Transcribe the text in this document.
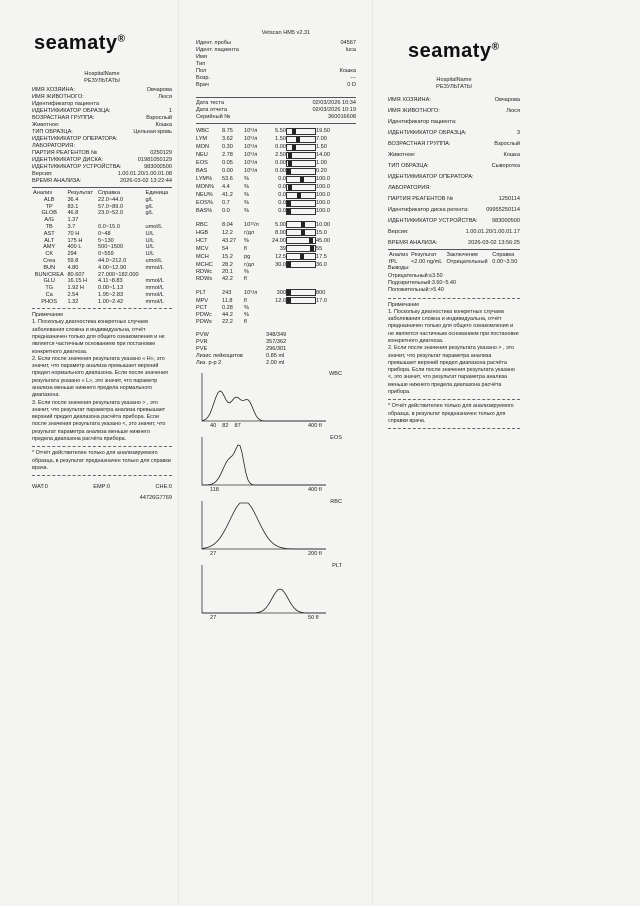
seamaty®
HospitalName
РЕЗУЛЬТАТЫ
ИМЯ ХОЗЯИНА:	Овчарова
ИМЯ ЖИВОТНОГО:	Люся
Идентификатор пациента
ИДЕНТИФИКАТОР ОБРАЗЦА:	1
ВОЗРАСТНАЯ ГРУППА:	Взрослый
Животное:	Кошка
ТИП ОБРАЗЦА:	Цельная кровь
ИДЕНТИФИКАТОР ОПЕРАТОРА:
ЛАБОРАТОРИЯ:
ПАРТИЯ РЕАГЕНТОВ №	0250129
ИДЕНТИФИКАТОР ДИСКА:	01981050129
ИДЕНТИФИКАТОР УСТРОЙСТВА:	983000500
Версия:	1.00.01.20/1.00.01.08
ВРЕМЯ АНАЛИЗА:	2026-03-02 13:22:44
Анализ	Результат	Справка	Единица
ALB	36.4	22.0~44.0	g/L
TP	83.1	57.0~89.0	g/L
GLOB	46.8	23.0~52.0	g/L
A/G	1.37		
TB	3.7	0.0~15.0	umol/L
AST	70 H	0~48	U/L
ALT	175 H	5~130	U/L
AMY	400 L	500~1500	U/L
CK	294	0~559	U/L
Crea	59.8	44.0~212.0	umol/L
BUN	4.80	4.00~12.90	mmol/L
BUN/CREA	80.607	27.000~182.000	
GLU	16.15 H	4.11~8.83	mmol/L
TG	1.92 H	0.00~1.13	mmol/L
Ca	2.54	1.95~2.83	mmol/L
PHOS	1.32	1.00~2.42	mmol/L
Примечание
1. Поскольку диагностика конкретных случаев заболевания сложна и индивидуальна, отчёт предназначен только для общего ознакомления и не является частичным основанием при постановке конкретного диагноза.
2. Если после значения результата указано « H», это значит, что параметр анализа превышает верхний предел нормального диапазона. Если после значения результата указано « L», это значит, что параметр анализа меньше нижнего предела нормального диапазона.
3. Если после значения результата указано > , это значит, что результат параметра анализа превышает верхний предел диапазона расчёта прибора. Если после значения результата указано <, это значит, что результат параметра анализа меньше нижнего предела диапазона расчёта прибора.
* Отчёт действителен только для анализируемого образца, в результат предназначен только для справки врача.
WAT:0	EMP:0	CHE:0
44726G7769
Vetscan HM5 v2.31
Идент. пробы	04567
Идент. пациента	luca
Имя
Тип
Пол	Кошка
Возр.	---
Врач	0 D
Дата теста	02/03/2026 10:34
Дата отчета	02/03/2026 10:19
Серийный №	360016608
WBC	8.75	10⁹/л	5.50	19.50
LYM	3.62	10⁹/л	1.50	7.00
MON	0.30	10⁹/л	0.00	1.50
NEU	2.78	10⁹/л	2.50	14.00
EOS	0.05	10⁹/л	0.00	1.00
BAS	0.00	10⁹/л	0.00	0.20
LYM%	53.6	%	0.0	100.0
MON%	4.4	%	0.0	100.0
NEU%	41.2	%	0.0	100.0
EOS%	0.7	%	0.0	100.0
BAS%	0.0	%	0.0	100.0
RBC	8.04	10¹²/л	5.00	10.00
HGB	12.2	г/дл	8.00	15.0
HCT	43.27	%	24.00	45.00
MCV	54	fl	39	55
MCH	15.2	pg	12.5	17.5
MCHC	28.2	г/дл	30.0	36.0
RDWc	20.1	%
RDWs	42.2	fl
PLT	243	10⁹/л	300	800
MPV	11.8	fl	12.0	17.0
PCT	0.28	%
PDWc	44.2	%
PDWs	22.2	fl
PVW	348/349
PVR	357/362
PVE	296/301
Лизис лейкоцитов	0.85 ml
Лиз. р-р 2	2.00 ml
WBC
40 82 87	400 fl
EOS
118	400 fl
RBC
27	200 fl
PLT
27	50 fl
seamaty®
HospitalName
РЕЗУЛЬТАТЫ
ИМЯ ХОЗЯИНА:	Овчарова
ИМЯ ЖИВОТНОГО:	Люся
Идентификатор пациента:
ИДЕНТИФИКАТОР ОБРАЗЦА:	3
ВОЗРАСТНАЯ ГРУППА:	Взрослый
Животное:	Кошка
ТИП ОБРАЗЦА:	Сыворотка
ИДЕНТИФИКАТОР ОПЕРАТОРА:
ЛАБОРАТОРИЯ:
ПАРТИЯ РЕАГЕНТОВ №	1250114
Идентификатор диска регента:	09955250114
ИДЕНТИФИКАТОР УСТРОЙСТВА:	983000500
Версия:	1.00.01.20/1.00.01.17
ВРЕМЯ АНАЛИЗА:	2026-03-02 13:56:25
Анализ	Результат	Заключение	Справка
fPL	<2.00 ng/mL	Отрицательный	0.00~3.50
Выводы:
Отрицательный:≤3.50
Подозрительный:3.60~5.40
Положительный:>5.40
Примечание
1. Поскольку диагностика конкретных случаев заболевания сложна и индивидуальна, отчёт предназначен только для общего ознакомления и не является частичным основанием при постановке конкретного диагноза.
2. Если после значения результата указано > , это значит, что результат параметра анализа превышает верхний предел диапазона расчёта прибора. Если после значения результата указано <, это значит, что результат параметра анализа меньше нижнего предела диапазона расчёта прибора.
* Отчёт действителен только для анализируемого образца, в результат предназначен только для справки врача.
